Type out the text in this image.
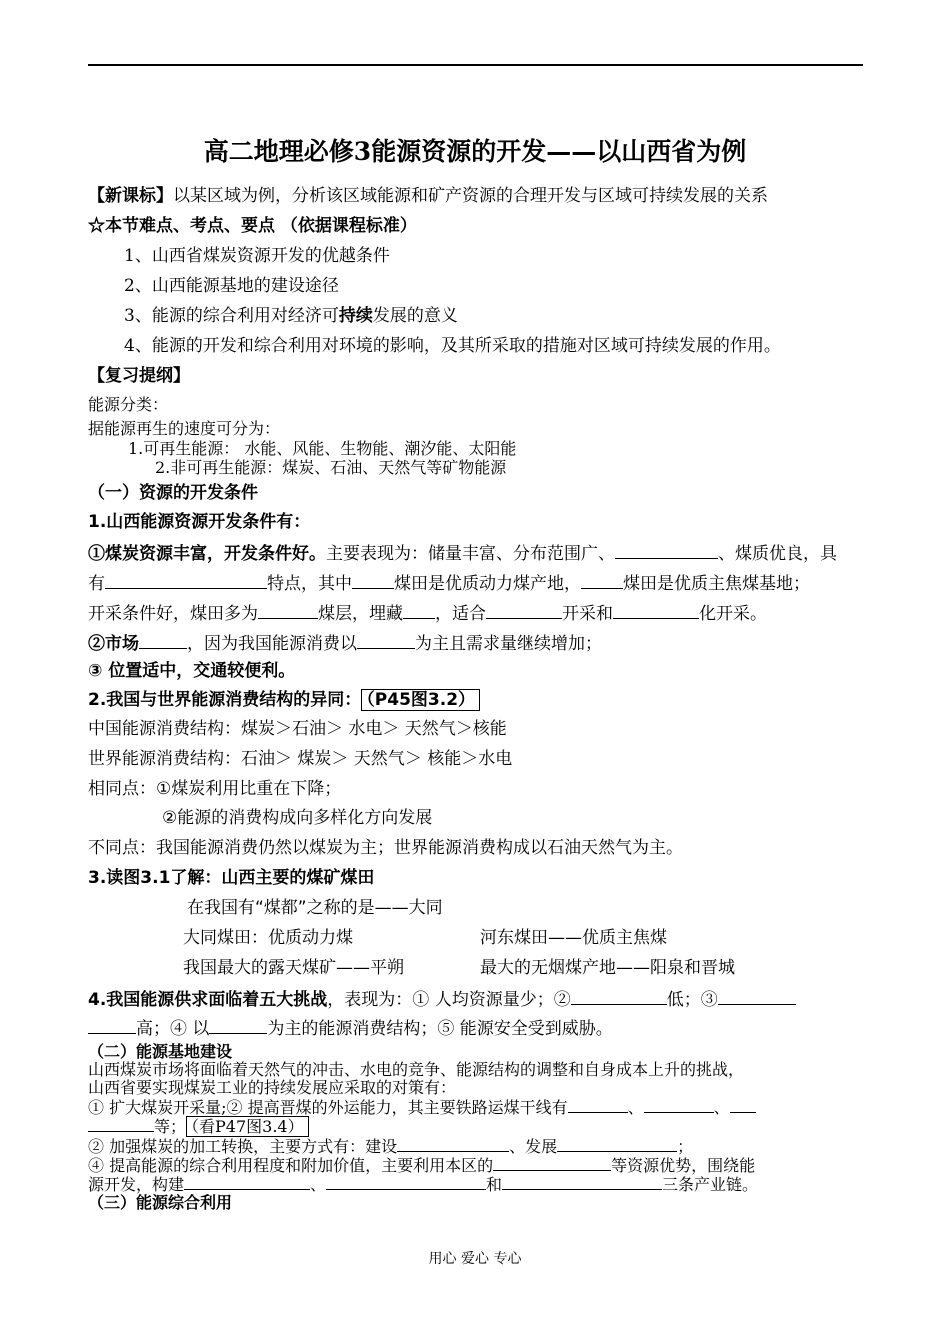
高二地理必修3能源资源的开发——以山西省为例
【新课标】以某区域为例，分析该区域能源和矿产资源的合理开发与区域可持续发展的关系
☆本节难点、考点、要点 （依据课程标准）
1、山西省煤炭资源开发的优越条件
2、山西能源基地的建设途径
3、能源的综合利用对经济可持续发展的意义
4、能源的开发和综合利用对环境的影响，及其所采取的措施对区域可持续发展的作用。
【复习提纲】
能源分类：
据能源再生的速度可分为：
1.可再生能源： 水能、风能、生物能、潮汐能、太阳能
2.非可再生能源：煤炭、石油、天然气等矿物能源
（一）资源的开发条件
1.山西能源资源开发条件有：
①煤炭资源丰富，开发条件好。主要表现为：储量丰富、分布范围广、	、煤质优良，具
有	特点，其中 煤田是优质动力煤产地， 煤田是优质主焦煤基地；
开采条件好，煤田多为	煤层，埋藏 ，适合	开采和	化开采。
②市场	，因为我国能源消费以	为主且需求量继续增加；
③ 位置适中，交通较便利。
2.我国与世界能源消费结构的异同： （P45图3.2）
中国能源消费结构：煤炭＞石油＞ 水电＞ 天然气＞核能
世界能源消费结构：石油＞ 煤炭＞ 天然气＞ 核能＞水电
相同点：①煤炭利用比重在下降；
②能源的消费构成向多样化方向发展
不同点：我国能源消费仍然以煤炭为主；世界能源消费构成以石油天然气为主。
3.读图3.1了解：山西主要的煤矿煤田
在我国有“煤都”之称的是——大同
大同煤田：优质动力煤	河东煤田——优质主焦煤
我国最大的露天煤矿——平朔	最大的无烟煤产地——阳泉和晋城
4.我国能源供求面临着五大挑战，表现为：① 人均资源量少；②	低；③
高；④ 以	为主的能源消费结构；⑤ 能源安全受到威胁。
（二）能源基地建设
山西煤炭市场将面临着天然气的冲击、水电的竞争、能源结构的调整和自身成本上升的挑战，
山西省要实现煤炭工业的持续发展应采取的对策有：
① 扩大煤炭开采量;② 提高晋煤的外运能力，其主要铁路运煤干线有	、	、
等； （看P47图3.4）
② 加强煤炭的加工转换，主要方式有：建设	、发展	；
④ 提高能源的综合利用程度和附加价值，主要利用本区的	等资源优势，围绕能
源开发，构建	、	和	三条产业链。
（三）能源综合利用
用心 爱心 专心
